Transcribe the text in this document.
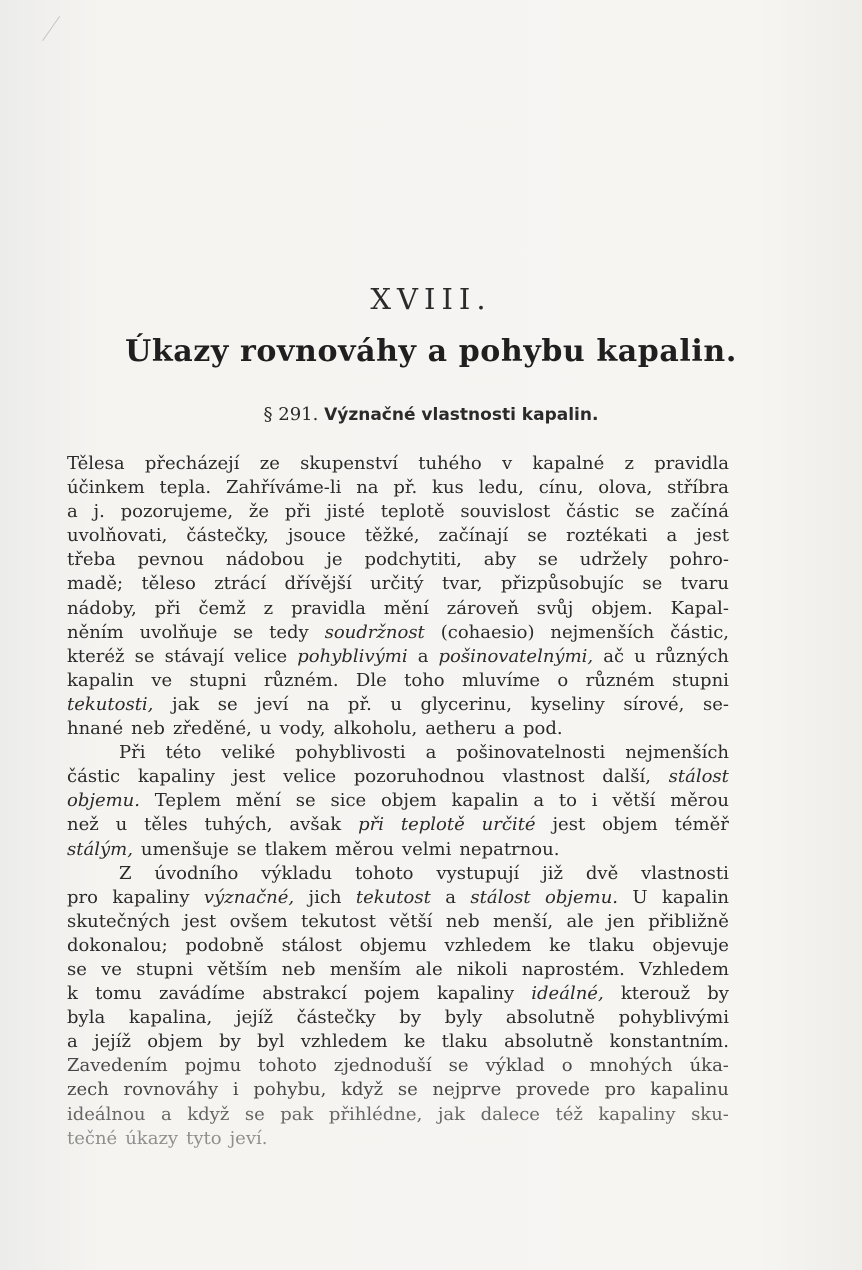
XVIII.
Úkazy rovnováhy a pohybu kapalin.
§ 291. Význačné vlastnosti kapalin.
Tělesa přecházejí ze skupenství tuhého v kapalné z pravidla
účinkem tepla. Zahříváme-li na př. kus ledu, cínu, olova, stříbra
a j. pozorujeme, že při jisté teplotě souvislost částic se začíná
uvolňovati, částečky, jsouce těžké, začínají se roztékati a jest
třeba pevnou nádobou je podchytiti, aby se udržely pohro-
madě; těleso ztrácí dřívější určitý tvar, přizpůsobujíc se tvaru
nádoby, při čemž z pravidla mění zároveň svůj objem. Kapal-
něním uvolňuje se tedy soudržnost (cohaesio) nejmenších částic,
kteréž se stávají velice pohyblivými a pošinovatelnými, ač u různých
kapalin ve stupni různém. Dle toho mluvíme o různém stupni
tekutosti, jak se jeví na př. u glycerinu, kyseliny sírové, se-
hnané neb zředěné, u vody, alkoholu, aetheru a pod.
Při této veliké pohyblivosti a pošinovatelnosti nejmenších
částic kapaliny jest velice pozoruhodnou vlastnost další, stálost
objemu. Teplem mění se sice objem kapalin a to i větší měrou
než u těles tuhých, avšak při teplotě určité jest objem téměř
stálým, umenšuje se tlakem měrou velmi nepatrnou.
Z úvodního výkladu tohoto vystupují již dvě vlastnosti
pro kapaliny význačné, jich tekutost a stálost objemu. U kapalin
skutečných jest ovšem tekutost větší neb menší, ale jen přibližně
dokonalou; podobně stálost objemu vzhledem ke tlaku objevuje
se ve stupni větším neb menším ale nikoli naprostém. Vzhledem
k tomu zavádíme abstrakcí pojem kapaliny ideálné, kterouž by
byla kapalina, jejíž částečky by byly absolutně pohyblivými
a jejíž objem by byl vzhledem ke tlaku absolutně konstantním.
Zavedením pojmu tohoto zjednoduší se výklad o mnohých úka-
zech rovnováhy i pohybu, když se nejprve provede pro kapalinu
ideálnou a když se pak přihlédne, jak dalece též kapaliny sku-
tečné úkazy tyto jeví.
